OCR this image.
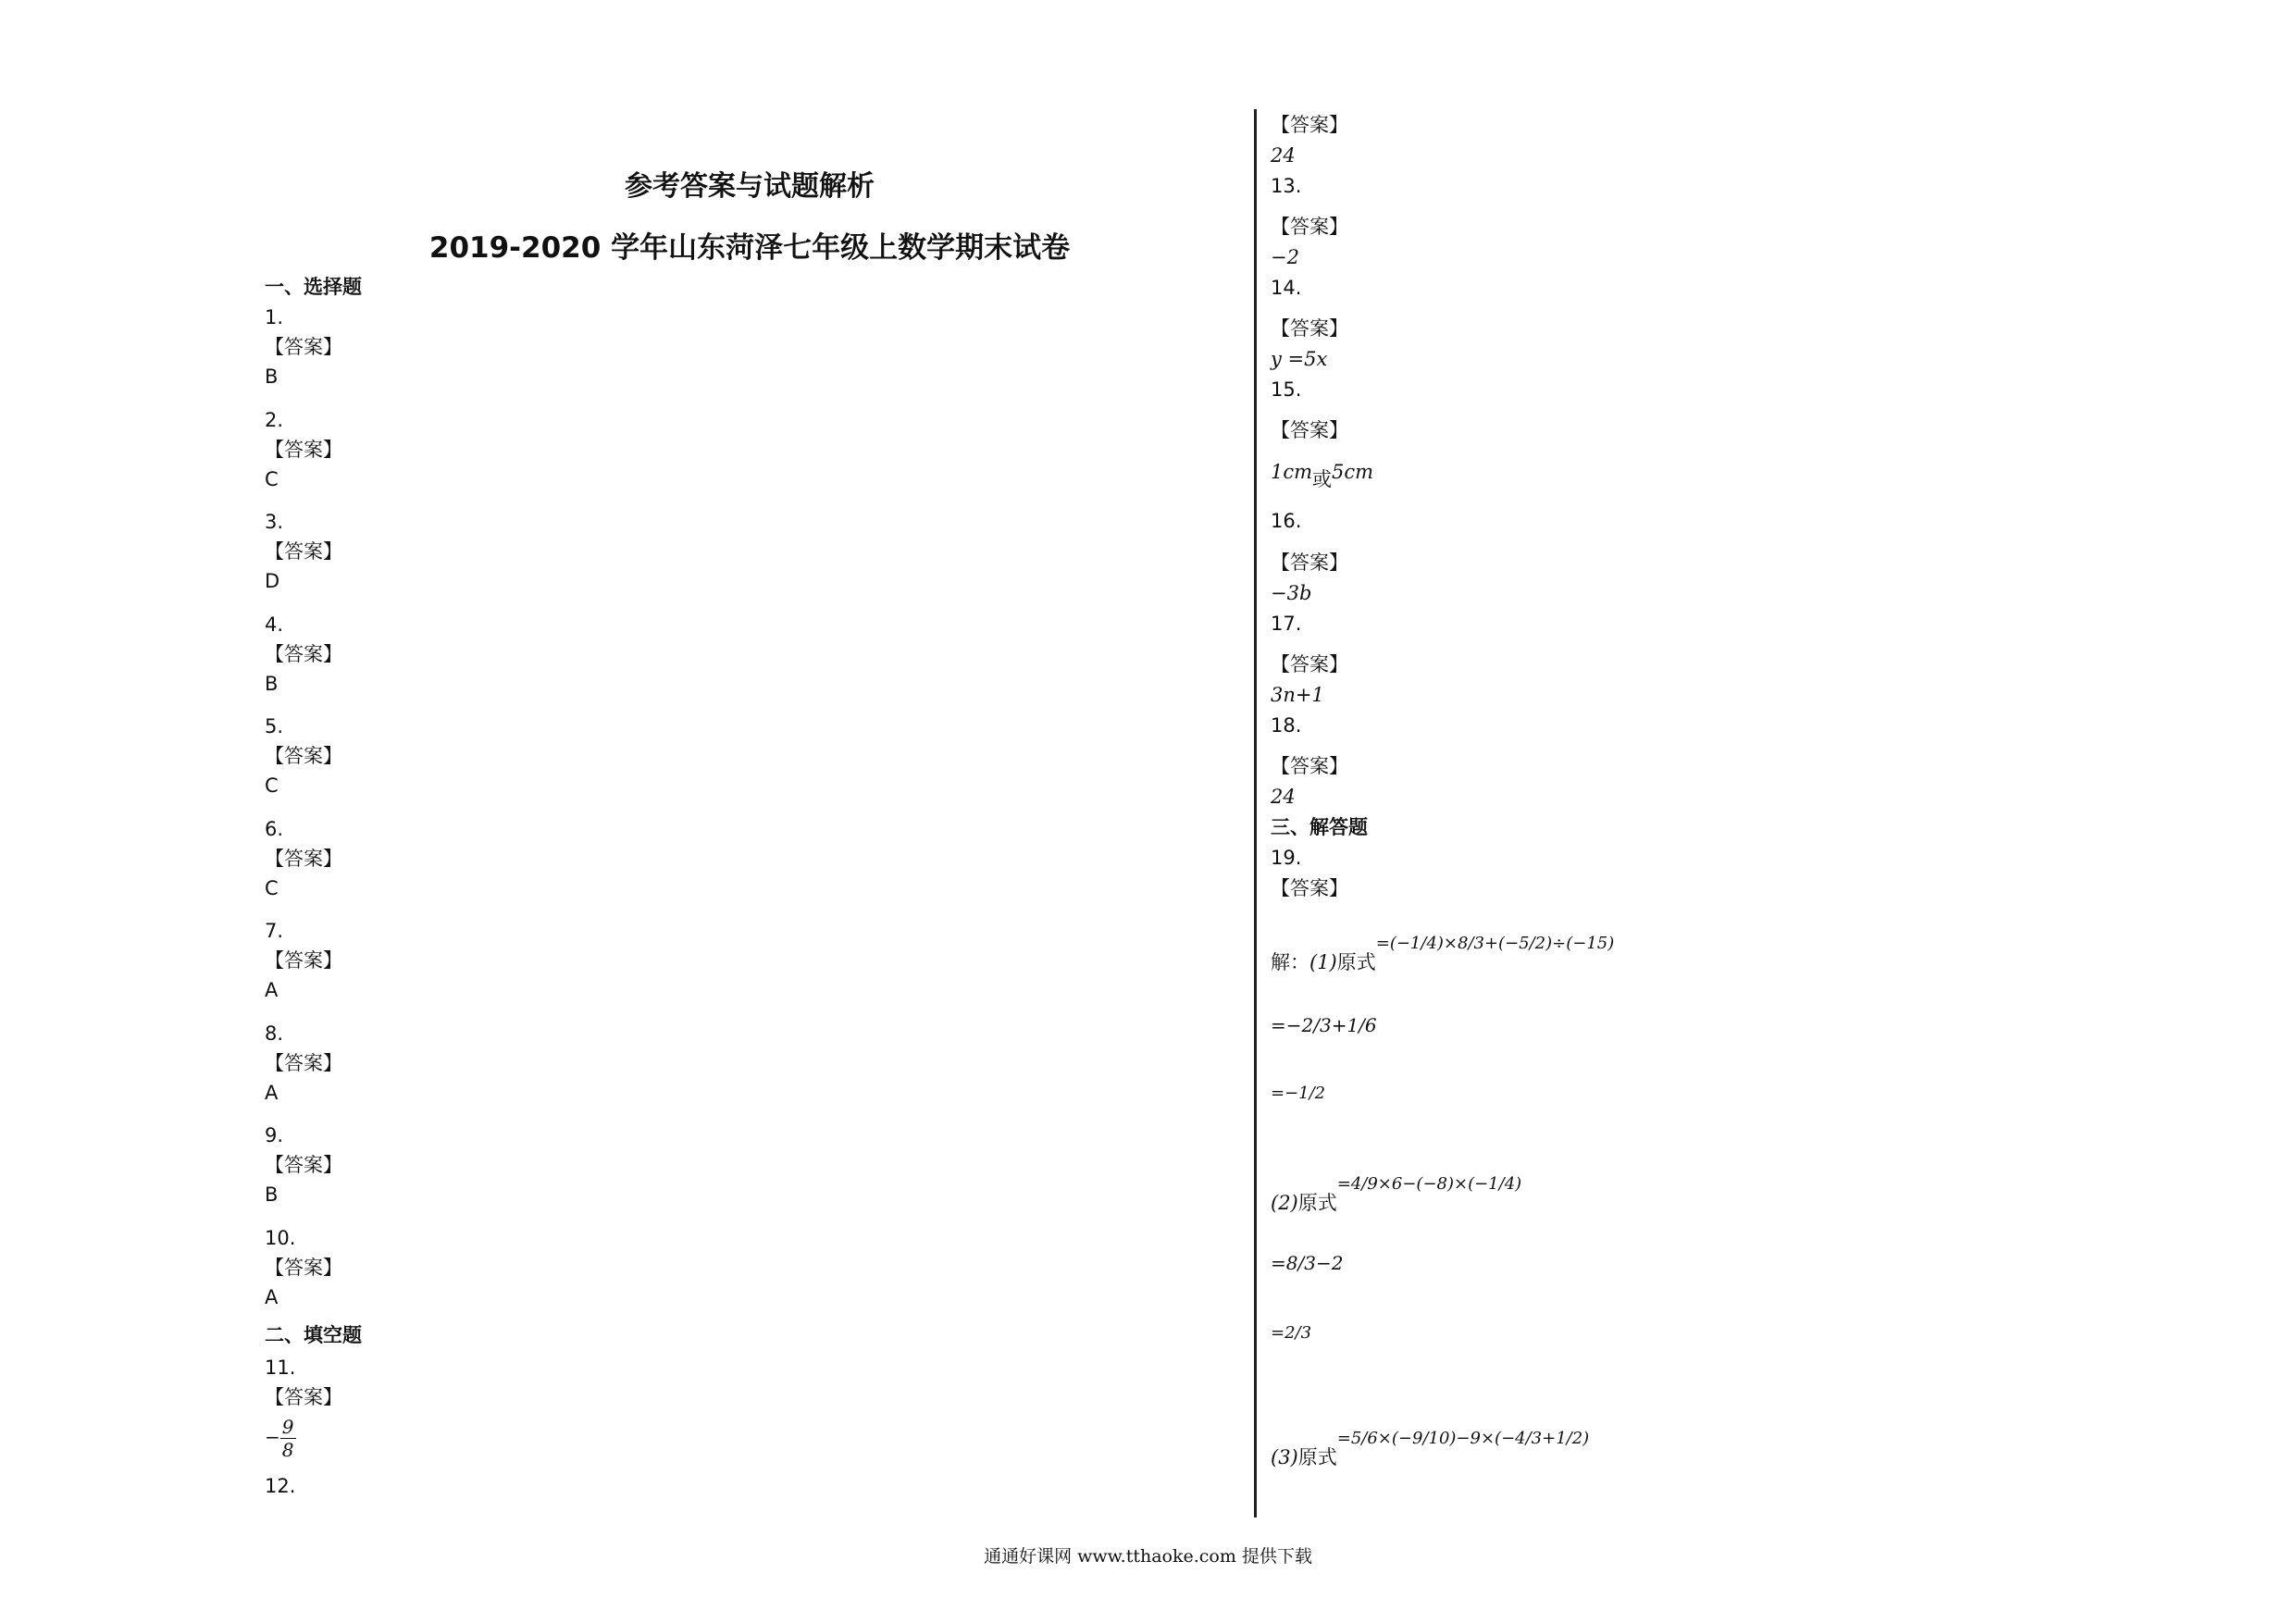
参考答案与试题解析
2019-2020 学年山东菏泽七年级上数学期末试卷
一、选择题
1.
【答案】
B
2.
【答案】
C
3.
【答案】
D
4.
【答案】
B
5.
【答案】
C
6.
【答案】
C
7.
【答案】
A
8.
【答案】
A
9.
【答案】
B
10.
【答案】
A
二、填空题
11.
【答案】
− $\frac{9}{8}$
12.
【答案】
24
13.
【答案】
−2
14.
【答案】
y =5x
15.
【答案】
1cm或5cm
16.
【答案】
−3b
17.
【答案】
3n+1
18.
【答案】
24
三、解答题
19.
【答案】
解：(1)原式=(−1/4)×8/3+(−5/2)÷(−15)
=−2/3+1/6
=−1/2
(2)原式=4/9×6−(−8)×(−1/4)
=8/3−2
=2/3
(3)原式=5/6×(−9/10)−9×(−4/3+1/2)
通通好课网 www.tthaoke.com 提供下载
